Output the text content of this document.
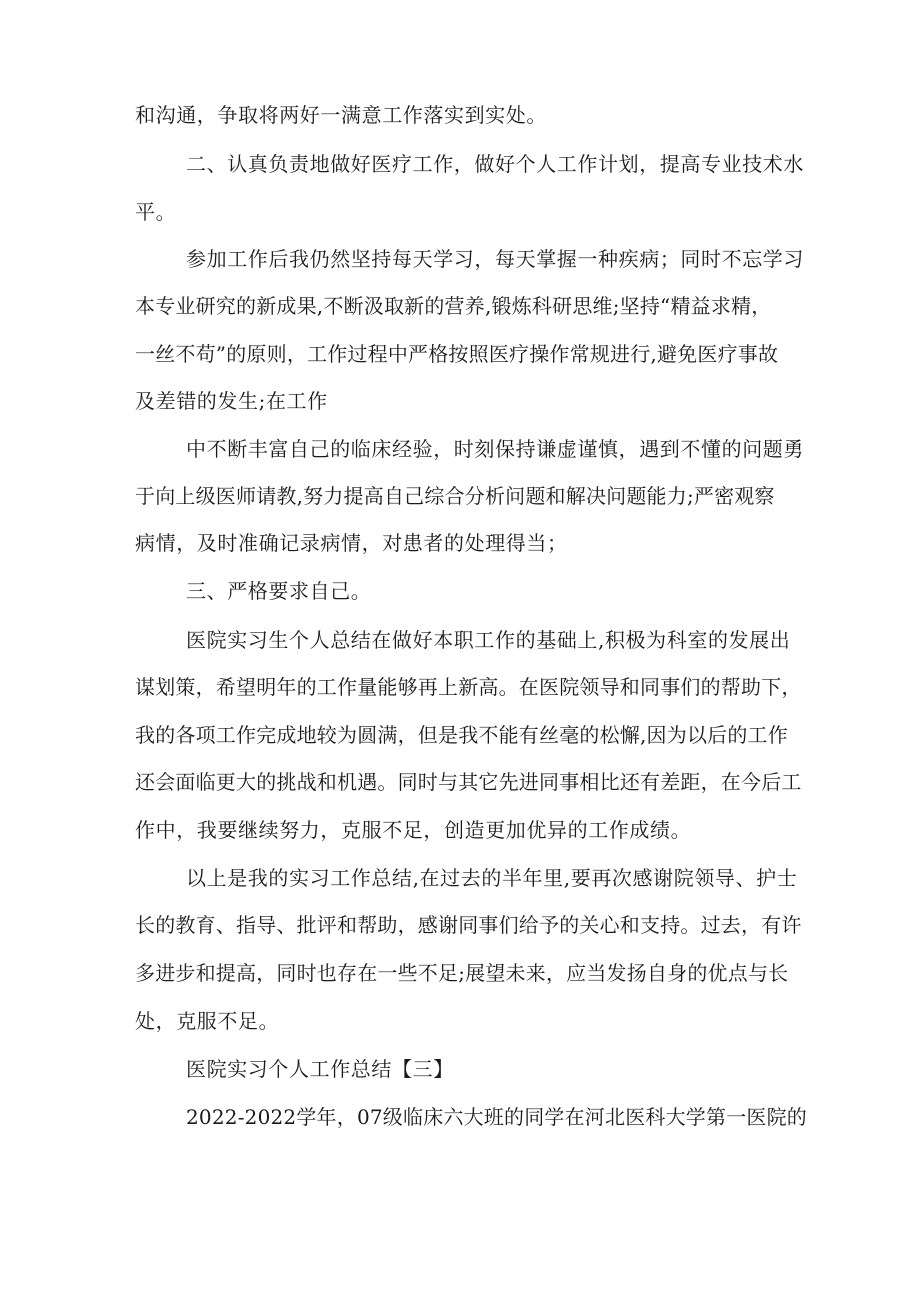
和沟通，争取将两好一满意工作落实到实处。
二、认真负责地做好医疗工作，做好个人工作计划，提高专业技术水
平。
参加工作后我仍然坚持每天学习，每天掌握一种疾病；同时不忘学习
本专业研究的新成果,不断汲取新的营养,锻炼科研思维;坚持“精益求精，
一丝不苟”的原则，工作过程中严格按照医疗操作常规进行,避免医疗事故
及差错的发生;在工作
中不断丰富自己的临床经验，时刻保持谦虚谨慎，遇到不懂的问题勇
于向上级医师请教,努力提高自己综合分析问题和解决问题能力;严密观察
病情，及时准确记录病情，对患者的处理得当；
三、严格要求自己。
医院实习生个人总结在做好本职工作的基础上,积极为科室的发展出
谋划策，希望明年的工作量能够再上新高。在医院领导和同事们的帮助下，
我的各项工作完成地较为圆满，但是我不能有丝毫的松懈,因为以后的工作
还会面临更大的挑战和机遇。同时与其它先进同事相比还有差距，在今后工
作中，我要继续努力，克服不足，创造更加优异的工作成绩。
以上是我的实习工作总结,在过去的半年里,要再次感谢院领导、护士
长的教育、指导、批评和帮助，感谢同事们给予的关心和支持。过去，有许
多进步和提高，同时也存在一些不足;展望未来，应当发扬自身的优点与长
处，克服不足。
医院实习个人工作总结【三】
2022-2022学年，07级临床六大班的同学在河北医科大学第一医院的
